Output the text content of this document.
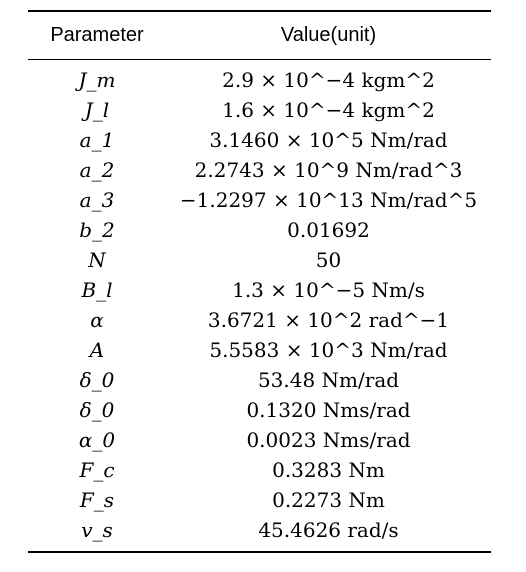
Parameter	Value(unit)
J_m	2.9 × 10^−4 kgm^2
J_l	1.6 × 10^−4 kgm^2
a_1	3.1460 × 10^5 Nm/rad
a_2	2.2743 × 10^9 Nm/rad^3
a_3	−1.2297 × 10^13 Nm/rad^5
b_2	0.01692
N	50
B_l	1.3 × 10^−5 Nm/s
α	3.6721 × 10^2 rad^−1
A	5.5583 × 10^3 Nm/rad
δ_0	53.48 Nm/rad
δ_0	0.1320 Nms/rad
α_0	0.0023 Nms/rad
F_c	0.3283 Nm
F_s	0.2273 Nm
v_s	45.4626 rad/s
